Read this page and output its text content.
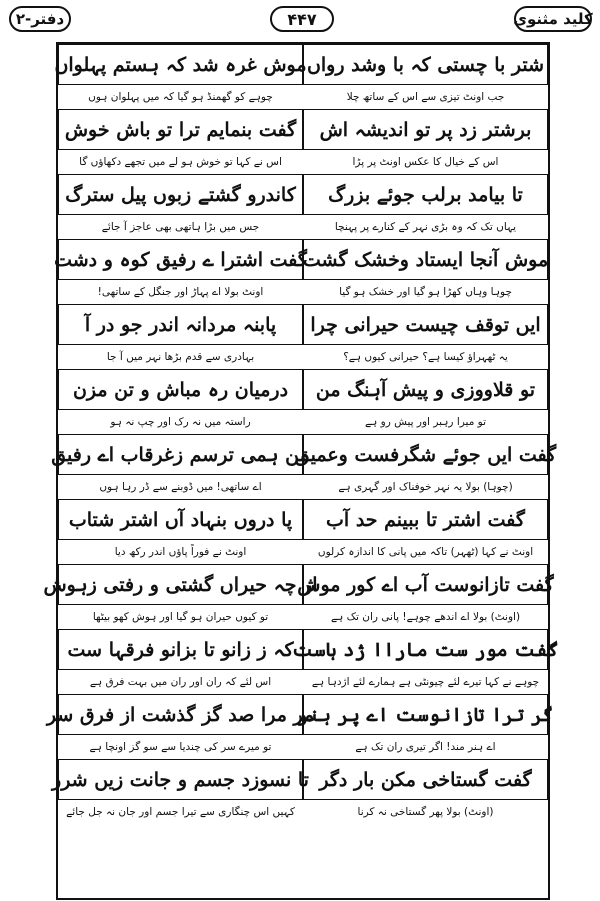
دفتر-٢	۴۴۷	کلید مثنوی
شتر با چستی کہ با وشد رواں
موش غرہ شد کہ ہستم پہلواں
جب اونٹ تیزی سے اس کے ساتھ چلا
چوہے کو گھمنڈ ہو گیا کہ میں پہلوان ہوں
برشتر زد پر تو اندیشہ اش
گفت بنمایم ترا تو باش خوش
اس کے خیال کا عکس اونٹ پر پڑا
اس نے کہا تو خوش ہو لے میں تجھے دکھاؤں گا
تا بیامد برلب جوئے بزرگ
کاندرو گشتے زبوں پیل سترگ
یہاں تک کہ وہ بڑی نہر کے کنارے پر پہنچا
جس میں بڑا ہاتھی بھی عاجز آ جائے
موش آنجا ایستاد وخشک گشت
گفت اشترا ے رفیق کوہ و دشت
چوہا وہاں کھڑا ہو گیا اور خشک ہو گیا
اونٹ بولا اے پہاڑ اور جنگل کے ساتھی!
ایں توقف چیست حیرانی چرا
پابنہ مردانہ اندر جو در آ
یہ ٹھہراؤ کیسا ہے؟ حیرانی کیوں ہے؟
بہادری سے قدم بڑھا نہر میں آ جا
تو قلاووزی و پیش آہنگ من
درمیان رہ مباش و تن مزن
تو میرا رہبر اور پیش رو ہے
راستہ میں نہ رک اور چپ نہ ہو
گفت ایں جوئے شگرفست وعمیق
من ہمی ترسم زغرقاب اے رفیق
(چوہا) بولا یہ نہر خوفناک اور گہری ہے
اے ساتھی! میں ڈوبنے سے ڈر رہا ہوں
گفت اشتر تا ببینم حد آب
پا دروں بنہاد آں اشتر شتاب
اونٹ نے کہا (ٹھہر) تاکہ میں پانی کا اندازہ کرلوں
اونٹ نے فوراً پاؤں اندر رکھ دیا
گفت تازانوست آب اے کور موش
از چہ حیراں گشتی و رفتی زہوش
(اونٹ) بولا اے اندھے چوہے! پانی ران تک ہے
تو کیوں حیران ہو گیا اور ہوش کھو بیٹھا
گفت مور ست ماراا ژد ہاست
کہ ز زانو تا بزانو فرقہا ست
چوہے نے کہا تیرے لئے چیونٹی ہے ہمارے لئے اژدہا ہے
اس لئے کہ ران اور ران میں بہت فرق ہے
گر ترا تازانوست اے پر ہنر
مر مرا صد گز گذشت از فرق سر
اے ہنر مند! اگر تیری ران تک ہے
تو میرے سر کی چندیا سے سو گز اونچا ہے
گفت گستاخی مکن بار دگر
تا نسوزد جسم و جانت زیں شرر
(اونٹ) بولا پھر گستاخی نہ کرنا
کہیں اس چنگاری سے تیرا جسم اور جان نہ جل جائے
